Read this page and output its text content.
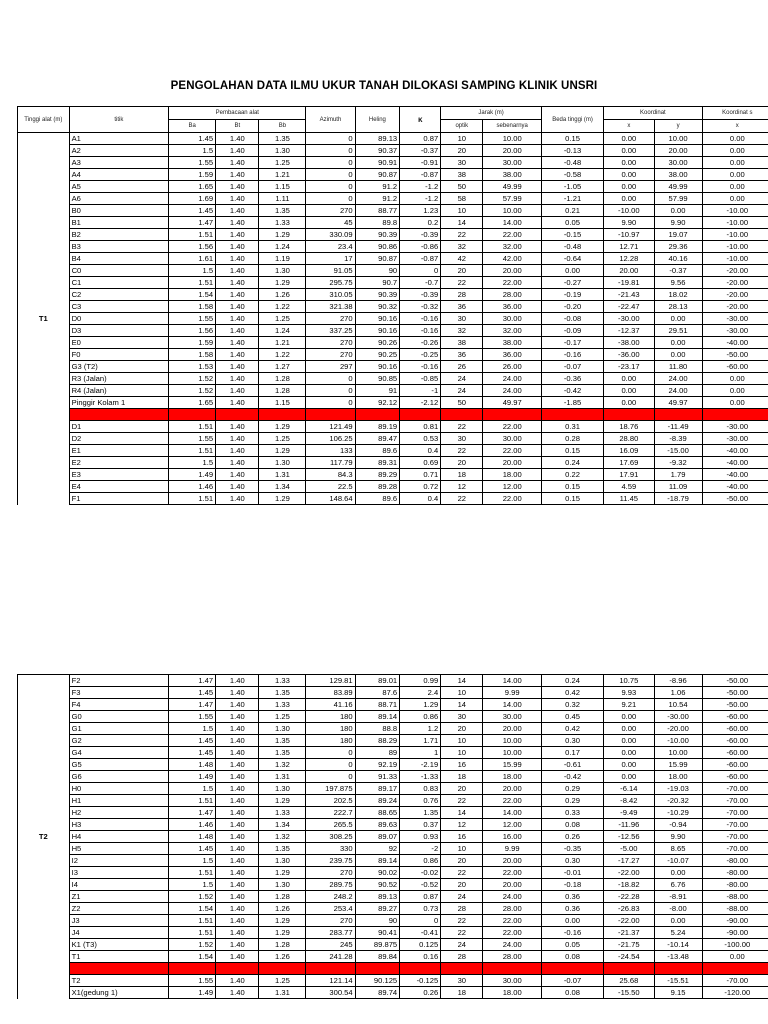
PENGOLAHAN DATA ILMU UKUR TANAH DILOKASI SAMPING KLINIK UNSRI
Tinggi alat (m)	titik	Pembacaan alat			Azimuth	Heling	κ	Jarak (m)		Beda tinggi (m)	Koordinat		Koordinat s
		Ba	Bt	Bb				optik	sebenarnya		x	y	x
T1	A1	1.45	1.40	1.35	0	89.13	0.87	10	10.00	0.15	0.00	10.00	0.00
	A2	1.5	1.40	1.30	0	90.37	-0.37	20	20.00	-0.13	0.00	20.00	0.00
	A3	1.55	1.40	1.25	0	90.91	-0.91	30	30.00	-0.48	0.00	30.00	0.00
	A4	1.59	1.40	1.21	0	90.87	-0.87	38	38.00	-0.58	0.00	38.00	0.00
	A5	1.65	1.40	1.15	0	91.2	-1.2	50	49.99	-1.05	0.00	49.99	0.00
	A6	1.69	1.40	1.11	0	91.2	-1.2	58	57.99	-1.21	0.00	57.99	0.00
	B0	1.45	1.40	1.35	270	88.77	1.23	10	10.00	0.21	-10.00	0.00	-10.00
	B1	1.47	1.40	1.33	45	89.8	0.2	14	14.00	0.05	9.90	9.90	-10.00
	B2	1.51	1.40	1.29	330.09	90.39	-0.39	22	22.00	-0.15	-10.97	19.07	-10.00
	B3	1.56	1.40	1.24	23.4	90.86	-0.86	32	32.00	-0.48	12.71	29.36	-10.00
	B4	1.61	1.40	1.19	17	90.87	-0.87	42	42.00	-0.64	12.28	40.16	-10.00
	C0	1.5	1.40	1.30	91.05	90	0	20	20.00	0.00	20.00	-0.37	-20.00
	C1	1.51	1.40	1.29	295.75	90.7	-0.7	22	22.00	-0.27	-19.81	9.56	-20.00
	C2	1.54	1.40	1.26	310.05	90.39	-0.39	28	28.00	-0.19	-21.43	18.02	-20.00
	C3	1.58	1.40	1.22	321.38	90.32	-0.32	36	36.00	-0.20	-22.47	28.13	-20.00
	D0	1.55	1.40	1.25	270	90.16	-0.16	30	30.00	-0.08	-30.00	0.00	-30.00
	D3	1.56	1.40	1.24	337.25	90.16	-0.16	32	32.00	-0.09	-12.37	29.51	-30.00
	E0	1.59	1.40	1.21	270	90.26	-0.26	38	38.00	-0.17	-38.00	0.00	-40.00
	F0	1.58	1.40	1.22	270	90.25	-0.25	36	36.00	-0.16	-36.00	0.00	-50.00
	G3 (T2)	1.53	1.40	1.27	297	90.16	-0.16	26	26.00	-0.07	-23.17	11.80	-60.00
	R3 (Jalan)	1.52	1.40	1.28	0	90.85	-0.85	24	24.00	-0.36	0.00	24.00	0.00
	R4 (Jalan)	1.52	1.40	1.28	0	91	-1	24	24.00	-0.42	0.00	24.00	0.00
	Pinggir Kolam 1	1.65	1.40	1.15	0	92.12	-2.12	50	49.97	-1.85	0.00	49.97	0.00

	D1	1.51	1.40	1.29	121.49	89.19	0.81	22	22.00	0.31	18.76	-11.49	-30.00
	D2	1.55	1.40	1.25	106.25	89.47	0.53	30	30.00	0.28	28.80	-8.39	-30.00
	E1	1.51	1.40	1.29	133	89.6	0.4	22	22.00	0.15	16.09	-15.00	-40.00
	E2	1.5	1.40	1.30	117.79	89.31	0.69	20	20.00	0.24	17.69	-9.32	-40.00
	E3	1.49	1.40	1.31	84.3	89.29	0.71	18	18.00	0.22	17.91	1.79	-40.00
	E4	1.46	1.40	1.34	22.5	89.28	0.72	12	12.00	0.15	4.59	11.09	-40.00
	F1	1.51	1.40	1.29	148.64	89.6	0.4	22	22.00	0.15	11.45	-18.79	-50.00
T2	F2	1.47	1.40	1.33	129.81	89.01	0.99	14	14.00	0.24	10.75	-8.96	-50.00
	F3	1.45	1.40	1.35	83.89	87.6	2.4	10	9.99	0.42	9.93	1.06	-50.00
	F4	1.47	1.40	1.33	41.16	88.71	1.29	14	14.00	0.32	9.21	10.54	-50.00
	G0	1.55	1.40	1.25	180	89.14	0.86	30	30.00	0.45	0.00	-30.00	-60.00
	G1	1.5	1.40	1.30	180	88.8	1.2	20	20.00	0.42	0.00	-20.00	-60.00
	G2	1.45	1.40	1.35	180	88.29	1.71	10	10.00	0.30	0.00	-10.00	-60.00
	G4	1.45	1.40	1.35	0	89	1	10	10.00	0.17	0.00	10.00	-60.00
	G5	1.48	1.40	1.32	0	92.19	-2.19	16	15.99	-0.61	0.00	15.99	-60.00
	G6	1.49	1.40	1.31	0	91.33	-1.33	18	18.00	-0.42	0.00	18.00	-60.00
	H0	1.5	1.40	1.30	197.875	89.17	0.83	20	20.00	0.29	-6.14	-19.03	-70.00
	H1	1.51	1.40	1.29	202.5	89.24	0.76	22	22.00	0.29	-8.42	-20.32	-70.00
	H2	1.47	1.40	1.33	222.7	88.65	1.35	14	14.00	0.33	-9.49	-10.29	-70.00
	H3	1.46	1.40	1.34	265.5	89.63	0.37	12	12.00	0.08	-11.96	-0.94	-70.00
	H4	1.48	1.40	1.32	308.25	89.07	0.93	16	16.00	0.26	-12.56	9.90	-70.00
	H5	1.45	1.40	1.35	330	92	-2	10	9.99	-0.35	-5.00	8.65	-70.00
	I2	1.5	1.40	1.30	239.75	89.14	0.86	20	20.00	0.30	-17.27	-10.07	-80.00
	I3	1.51	1.40	1.29	270	90.02	-0.02	22	22.00	-0.01	-22.00	0.00	-80.00
	I4	1.5	1.40	1.30	289.75	90.52	-0.52	20	20.00	-0.18	-18.82	6.76	-80.00
	Z1	1.52	1.40	1.28	248.2	89.13	0.87	24	24.00	0.36	-22.28	-8.91	-88.00
	Z2	1.54	1.40	1.26	253.4	89.27	0.73	28	28.00	0.36	-26.83	-8.00	-88.00
	J3	1.51	1.40	1.29	270	90	0	22	22.00	0.00	-22.00	0.00	-90.00
	J4	1.51	1.40	1.29	283.77	90.41	-0.41	22	22.00	-0.16	-21.37	5.24	-90.00
	K1 (T3)	1.52	1.40	1.28	245	89.875	0.125	24	24.00	0.05	-21.75	-10.14	-100.00
	T1	1.54	1.40	1.26	241.28	89.84	0.16	28	28.00	0.08	-24.54	-13.48	0.00

	T2	1.55	1.40	1.25	121.14	90.125	-0.125	30	30.00	-0.07	25.68	-15.51	-70.00
	X1(gedung 1)	1.49	1.40	1.31	300.54	89.74	0.26	18	18.00	0.08	-15.50	9.15	-120.00
